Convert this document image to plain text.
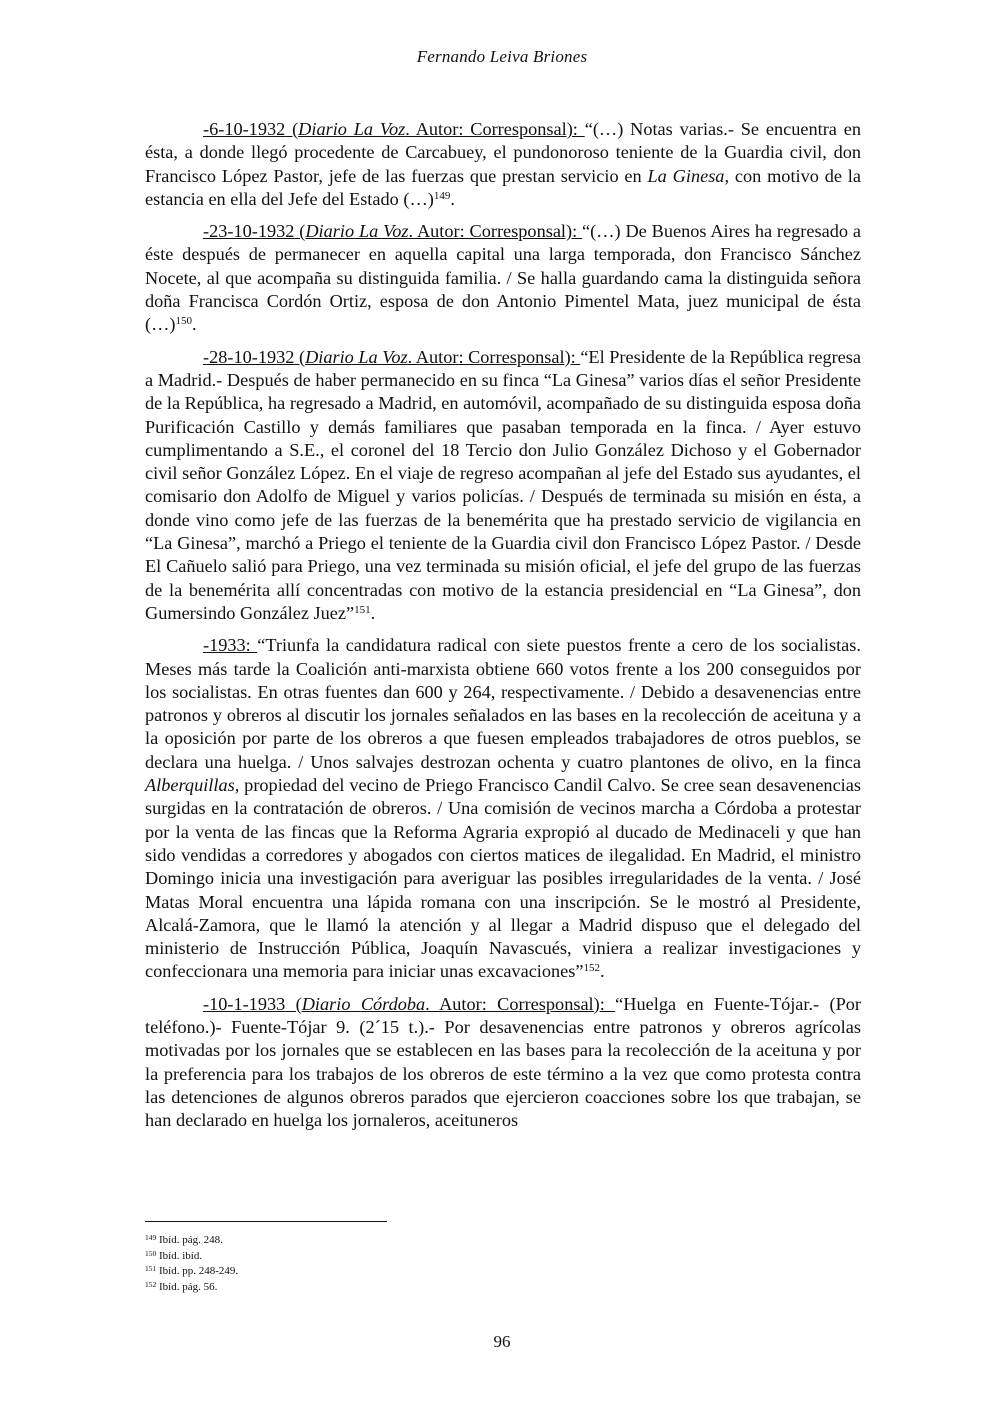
Fernando Leiva Briones

-6-10-1932 (Diario La Voz. Autor: Corresponsal): “(…) Notas varias.- Se encuentra en ésta, a donde llegó procedente de Carcabuey, el pundonoroso teniente de la Guardia civil, don Francisco López Pastor, jefe de las fuerzas que prestan servicio en La Ginesa, con motivo de la estancia en ella del Jefe del Estado (…)$^{149}$.

-23-10-1932 (Diario La Voz. Autor: Corresponsal): “(…) De Buenos Aires ha regresado a éste después de permanecer en aquella capital una larga temporada, don Francisco Sánchez Nocete, al que acompaña su distinguida familia. / Se halla guardando cama la distinguida señora doña Francisca Cordón Ortiz, esposa de don Antonio Pimentel Mata, juez municipal de ésta (…)$^{150}$.

-28-10-1932 (Diario La Voz. Autor: Corresponsal): “El Presidente de la República regresa a Madrid.- Después de haber permanecido en su finca “La Ginesa” varios días el señor Presidente de la República, ha regresado a Madrid, en automóvil, acompañado de su distinguida esposa doña Purificación Castillo y demás familiares que pasaban temporada en la finca. / Ayer estuvo cumplimentando a S.E., el coronel del 18 Tercio don Julio González Dichoso y el Gobernador civil señor González López. En el viaje de regreso acompañan al jefe del Estado sus ayudantes, el comisario don Adolfo de Miguel y varios policías. / Después de terminada su misión en ésta, a donde vino como jefe de las fuerzas de la benemérita que ha prestado servicio de vigilancia en “La Ginesa”, marchó a Priego el teniente de la Guardia civil don Francisco López Pastor. / Desde El Cañuelo salió para Priego, una vez terminada su misión oficial, el jefe del grupo de las fuerzas de la benemérita allí concentradas con motivo de la estancia presidencial en “La Ginesa”, don Gumersindo González Juez”$^{151}$.

-1933: “Triunfa la candidatura radical con siete puestos frente a cero de los socialistas. Meses más tarde la Coalición anti-marxista obtiene 660 votos frente a los 200 conseguidos por los socialistas. En otras fuentes dan 600 y 264, respectivamente. / Debido a desavenencias entre patronos y obreros al discutir los jornales señalados en las bases en la recolección de aceituna y a la oposición por parte de los obreros a que fuesen empleados trabajadores de otros pueblos, se declara una huelga. / Unos salvajes destrozan ochenta y cuatro plantones de olivo, en la finca Alberquillas, propiedad del vecino de Priego Francisco Candil Calvo. Se cree sean desavenencias surgidas en la contratación de obreros. / Una comisión de vecinos marcha a Córdoba a protestar por la venta de las fincas que la Reforma Agraria expropió al ducado de Medinaceli y que han sido vendidas a corredores y abogados con ciertos matices de ilegalidad. En Madrid, el ministro Domingo inicia una investigación para averiguar las posibles irregularidades de la venta. / José Matas Moral encuentra una lápida romana con una inscripción. Se le mostró al Presidente, Alcalá-Zamora, que le llamó la atención y al llegar a Madrid dispuso que el delegado del ministerio de Instrucción Pública, Joaquín Navascués, viniera a realizar investigaciones y confeccionara una memoria para iniciar unas excavaciones”$^{152}$.

-10-1-1933 (Diario Córdoba. Autor: Corresponsal): “Huelga en Fuente-Tójar.- (Por teléfono.)- Fuente-Tójar 9. (2´15 t.).- Por desavenencias entre patronos y obreros agrícolas motivadas por los jornales que se establecen en las bases para la recolección de la aceituna y por la preferencia para los trabajos de los obreros de este término a la vez que como protesta contra las detenciones de algunos obreros parados que ejercieron coacciones sobre los que trabajan, se han declarado en huelga los jornaleros, aceituneros

$^{149}$ Ibíd. pág. 248.

$^{150}$ Ibíd. ibíd.

$^{151}$ Ibíd. pp. 248-249.

$^{152}$ Ibíd. pág. 56.

96
